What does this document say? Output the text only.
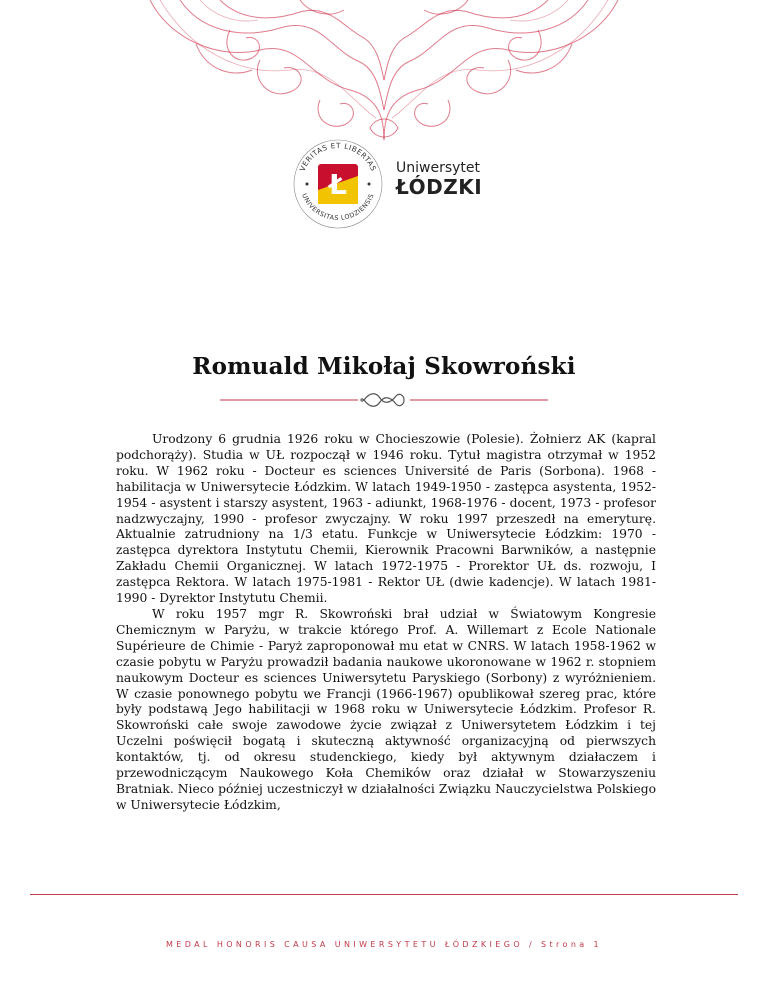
VERITAS ET LIBERTAS
UNIVERSITAS LODZIENSIS
Ł	Uniwersytet
ŁÓDZKI
Romuald Mikołaj Skowroński

Urodzony 6 grudnia 1926 roku w Chocieszowie (Polesie). Żołnierz AK (kapral podchorąży). Studia w UŁ rozpoczął w 1946 roku. Tytuł magistra otrzymał w 1952 roku. W 1962 roku - Docteur es sciences Université de Paris (Sorbona). 1968 - habilitacja w Uniwersytecie Łódzkim. W latach 1949-1950 - zastępca asystenta, 1952-1954 - asystent i starszy asystent, 1963 - adiunkt, 1968-1976 - docent, 1973 - profesor nadzwyczajny, 1990 - profesor zwyczajny. W roku 1997 przeszedł na emeryturę. Aktualnie zatrudniony na 1/3 etatu. Funkcje w Uniwersytecie Łódzkim: 1970 - zastępca dyrektora Instytutu Chemii, Kierownik Pracowni Barwników, a następnie Zakładu Chemii Organicznej. W latach 1972-1975 - Prorektor UŁ ds. rozwoju, I zastępca Rektora. W latach 1975-1981 - Rektor UŁ (dwie kadencje). W latach 1981-1990 - Dyrektor Instytutu Chemii.

W roku 1957 mgr R. Skowroński brał udział w Światowym Kongresie Chemicznym w Paryżu, w trakcie którego Prof. A. Willemart z Ecole Nationale Supérieure de Chimie - Paryż zaproponował mu etat w CNRS. W latach 1958-1962 w czasie pobytu w Paryżu prowadził badania naukowe ukoronowane w 1962 r. stopniem naukowym Docteur es sciences Uniwersytetu Paryskiego (Sorbony) z wyróżnieniem. W czasie ponownego pobytu we Francji (1966-1967) opublikował szereg prac, które były podstawą Jego habilitacji w 1968 roku w Uniwersytecie Łódzkim. Profesor R. Skowroński całe swoje zawodowe życie związał z Uniwersytetem Łódzkim i tej Uczelni poświęcił bogatą i skuteczną aktywność organizacyjną od pierwszych kontaktów, tj. od okresu studenckiego, kiedy był aktywnym działaczem i przewodniczącym Naukowego Koła Chemików oraz działał w Stowarzyszeniu Bratniak. Nieco później uczestniczył w działalności Związku Nauczycielstwa Polskiego w Uniwersytecie Łódzkim,

MEDAL HONORIS CAUSA UNIWERSYTETU ŁÓDZKIEGO / Strona 1
